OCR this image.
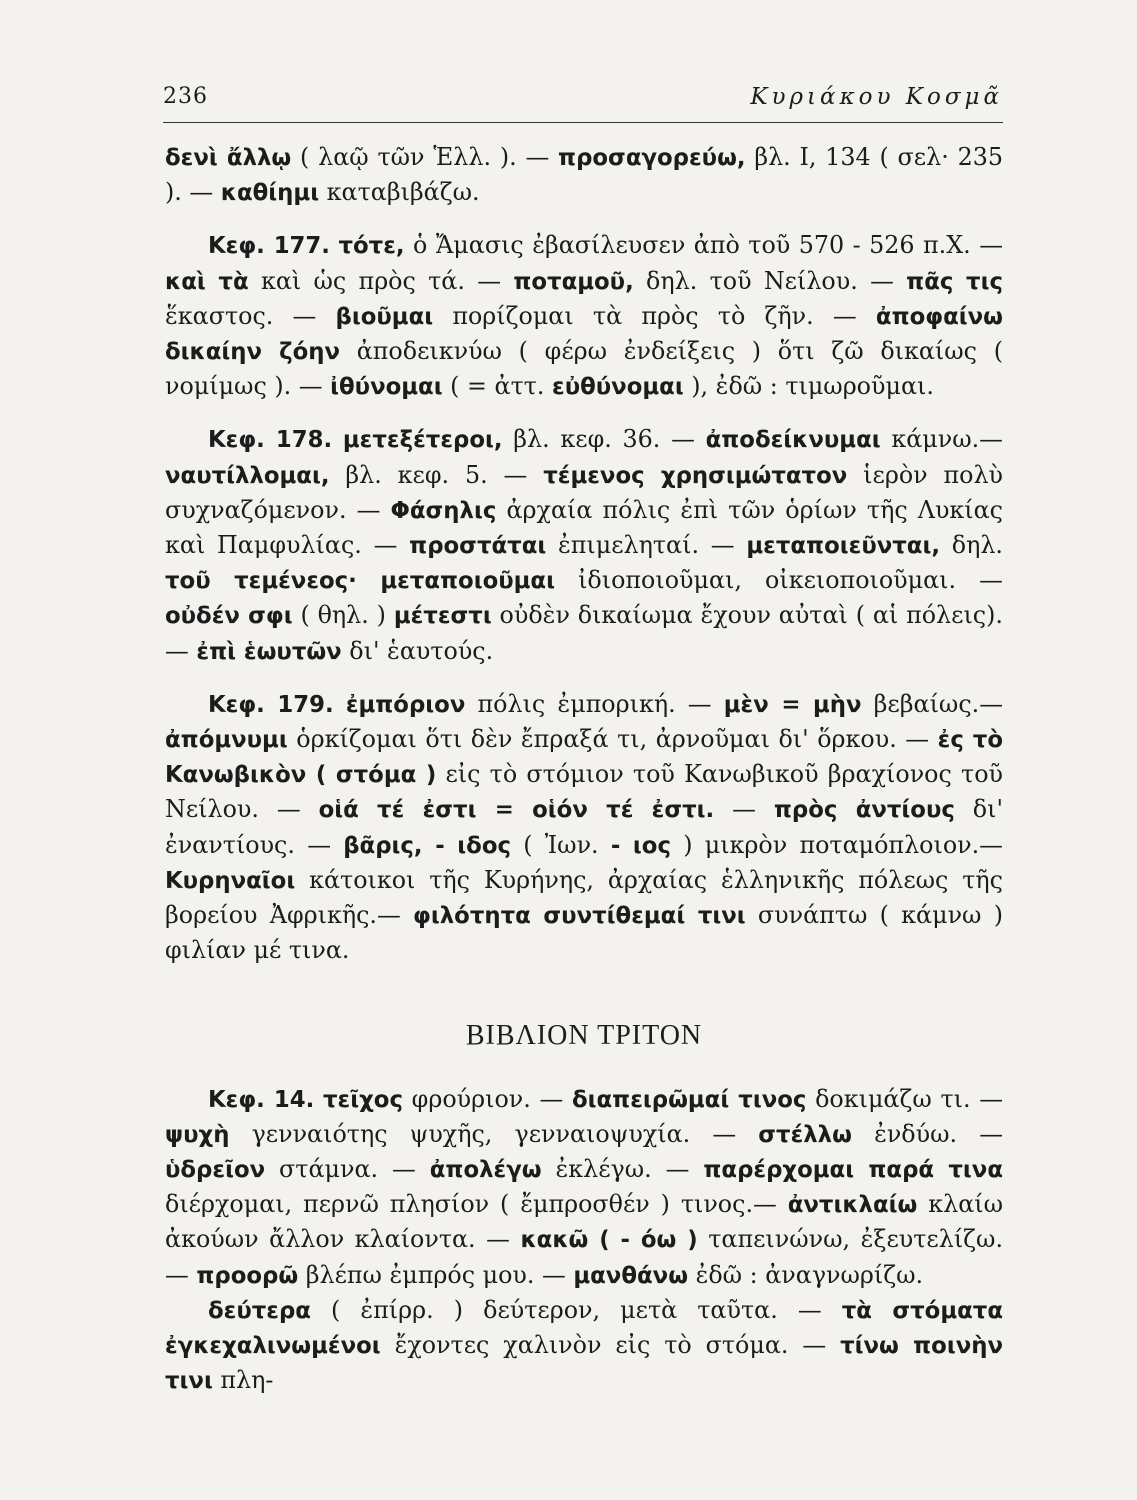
236	Κυριάκου Κοσμᾶ

δενὶ ἄλλῳ ( λαῷ τῶν Ἑλλ. ). — προσαγορεύω, βλ. Ι, 134 ( σελ· 235 ). — καθίημι καταβιβάζω.

Κεφ. 177. τότε, ὁ Ἄμασις ἐβασίλευσεν ἀπὸ τοῦ 570 - 526 π.Χ. — καὶ τὰ καὶ ὡς πρὸς τά. — ποταμοῦ, δηλ. τοῦ Νείλου. — πᾶς τις ἕκαστος. — βιοῦμαι πορίζομαι τὰ πρὸς τὸ ζῆν. — ἀποφαίνω δικαίην ζόην ἀποδεικνύω ( φέρω ἐνδείξεις ) ὅτι ζῶ δικαίως ( νομίμως ). — ἰθύνομαι ( = ἀττ. εὐθύνομαι ), ἐδῶ : τιμωροῦμαι.

Κεφ. 178. μετεξέτεροι, βλ. κεφ. 36. — ἀποδείκνυμαι κάμνω.— ναυτίλλομαι, βλ. κεφ. 5. — τέμενος χρησιμώτατον ἱερὸν πολὺ συχναζόμενον. — Φάσηλις ἀρχαία πόλις ἐπὶ τῶν ὁρίων τῆς Λυκίας καὶ Παμφυλίας. — προστάται ἐπιμεληταί. — μεταποιεῦνται, δηλ. τοῦ τεμένεος· μεταποιοῦμαι ἰδιοποιοῦμαι, οἰκειοποιοῦμαι. — οὐδέν σφι ( θηλ. ) μέτεστι οὐδὲν δικαίωμα ἔχουν αὐταὶ ( αἱ πόλεις). — ἐπὶ ἑωυτῶν δι' ἑαυτούς.

Κεφ. 179. ἐμπόριον πόλις ἐμπορική. — μὲν = μὴν βεβαίως.— ἀπόμνυμι ὁρκίζομαι ὅτι δὲν ἔπραξά τι, ἀρνοῦμαι δι' ὅρκου. — ἐς τὸ Κανωβικὸν ( στόμα ) εἰς τὸ στόμιον τοῦ Κανωβικοῦ βραχίονος τοῦ Νείλου. — οἱά τέ ἐστι = οἱόν τέ ἐστι. — πρὸς ἀντίους δι' ἐναντίους. — βᾶρις, - ιδος ( Ἰων. - ιος ) μικρὸν ποταμόπλοιον.— Κυρηναῖοι κάτοικοι τῆς Κυρήνης, ἀρχαίας ἑλληνικῆς πόλεως τῆς βορείου Ἀφρικῆς.— φιλότητα συντίθεμαί τινι συνάπτω ( κάμνω ) φιλίαν μέ τινα.

ΒΙΒΛΙΟΝ ΤΡΙΤΟΝ

Κεφ. 14. τεῖχος φρούριον. — διαπειρῶμαί τινος δοκιμάζω τι. — ψυχὴ γενναιότης ψυχῆς, γενναιοψυχία. — στέλλω ἐνδύω. — ὑδρεῖον στάμνα. — ἀπολέγω ἐκλέγω. — παρέρχομαι παρά τινα διέρχομαι, περνῶ πλησίον ( ἔμπροσθέν ) τινος.— ἀντικλαίω κλαίω ἀκούων ἄλλον κλαίοντα. — κακῶ ( - όω ) ταπεινώνω, ἐξευτελίζω. — προορῶ βλέπω ἐμπρός μου. — μανθάνω ἐδῶ : ἀναγνωρίζω.

δεύτερα ( ἐπίρρ. ) δεύτερον, μετὰ ταῦτα. — τὰ στόματα ἐγκεχαλινωμένοι ἔχοντες χαλινὸν εἰς τὸ στόμα. — τίνω ποινὴν τινι πλη-
